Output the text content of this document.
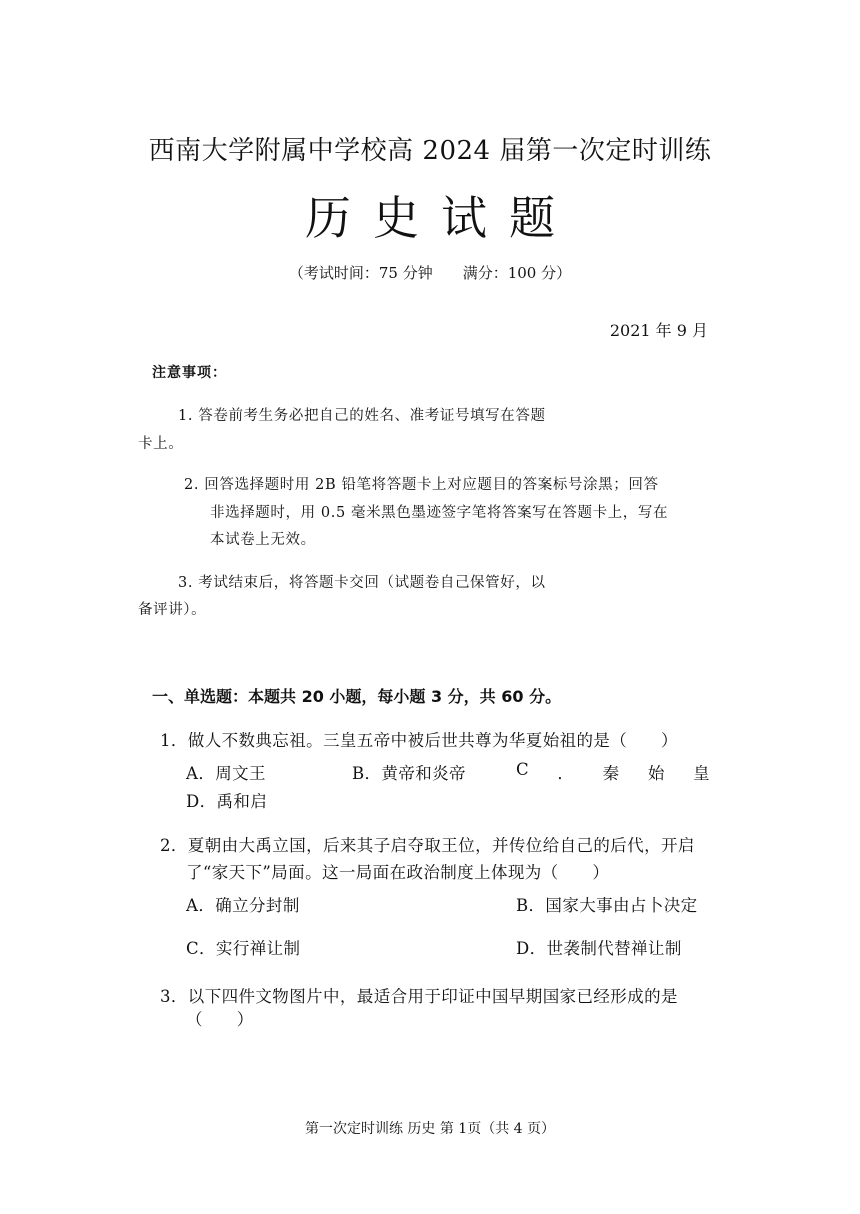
西南大学附属中学校高 2024 届第一次定时训练
历史试题
（考试时间：75 分钟　　满分：100 分）
2021 年 9 月
注意事项：
1. 答卷前考生务必把自己的姓名、准考证号填写在答题
卡上。
2. 回答选择题时用 2B 铅笔将答题卡上对应题目的答案标号涂黑；回答
非选择题时，用 0.5 毫米黑色墨迹签字笔将答案写在答题卡上，写在
本试卷上无效。
3. 考试结束后，将答题卡交回（试题卷自己保管好，以
备评讲）。
一、单选题：本题共 20 小题，每小题 3 分，共 60 分。
1．做人不数典忘祖。三皇五帝中被后世共尊为华夏始祖的是（　　）
A．周文王	B．黄帝和炎帝	C ． 秦 始 皇
D．禹和启
2．夏朝由大禹立国，后来其子启夺取王位，并传位给自己的后代，开启
了“家天下”局面。这一局面在政治制度上体现为（　　）
A．确立分封制	B．国家大事由占卜决定
C．实行禅让制	D．世袭制代替禅让制
3．以下四件文物图片中，最适合用于印证中国早期国家已经形成的是
（　　）
第一次定时训练 历史 第 1页（共 4 页）
